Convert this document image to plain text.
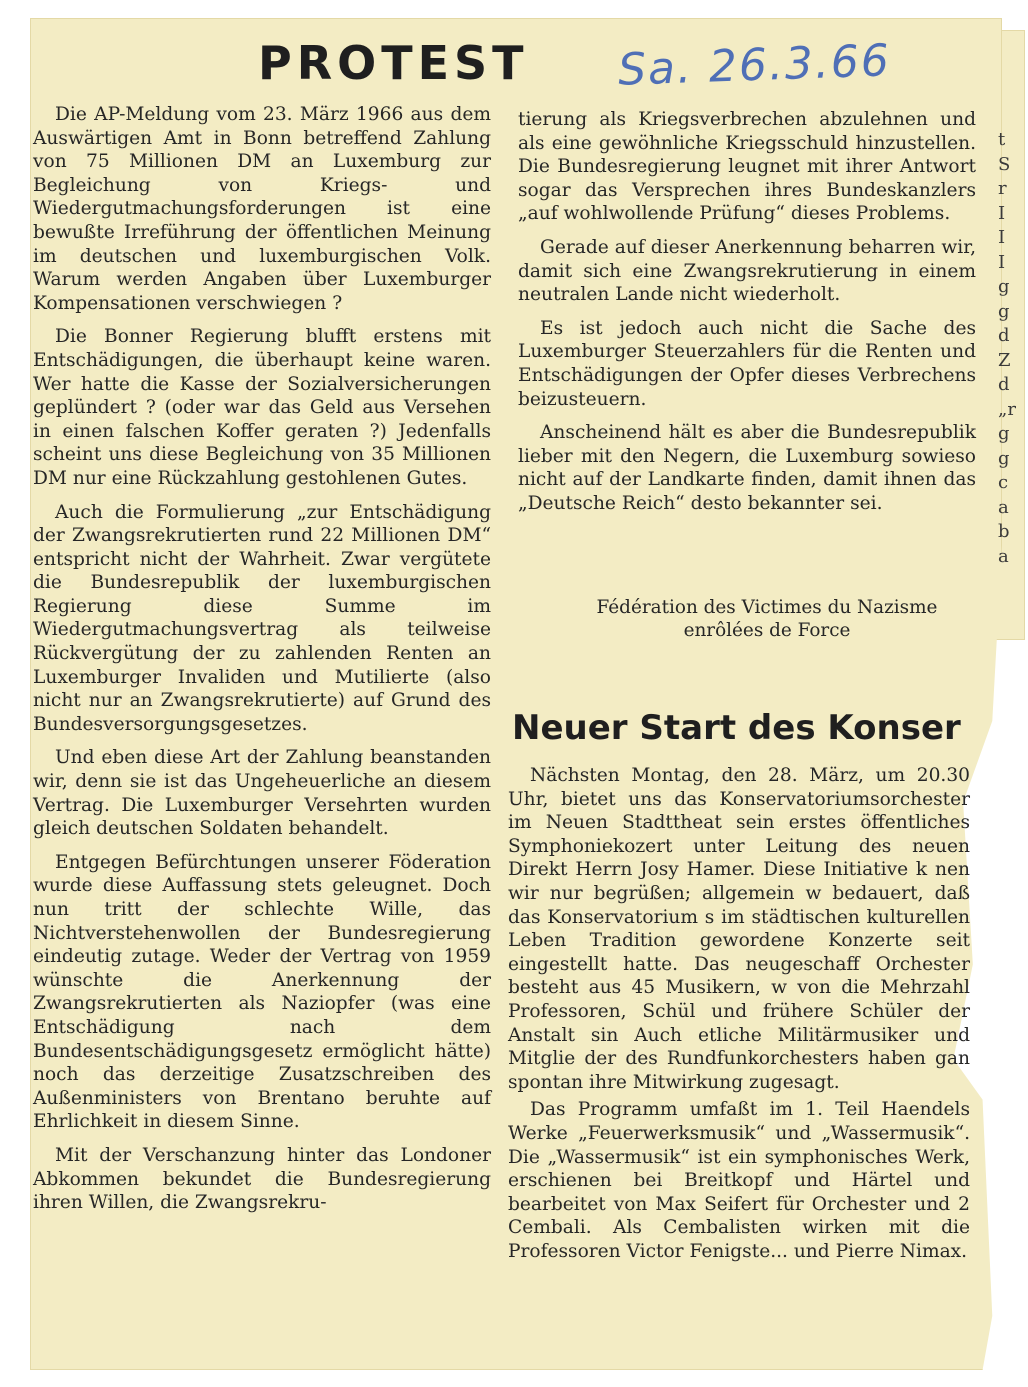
PROTEST Sa. 26.3.66

Die AP-Meldung vom 23. März 1966 aus dem Auswärtigen Amt in Bonn betreffend Zahlung von 75 Millionen DM an Luxemburg zur Begleichung von Kriegs- und Wiedergutmachungsforderungen ist eine bewußte Irreführung der öffentlichen Meinung im deutschen und luxemburgischen Volk. Warum werden Angaben über Luxemburger Kompensationen verschwiegen ?

Die Bonner Regierung blufft erstens mit Entschädigungen, die überhaupt keine waren. Wer hatte die Kasse der Sozialversicherungen geplündert ? (oder war das Geld aus Versehen in einen falschen Koffer geraten ?) Jedenfalls scheint uns diese Begleichung von 35 Millionen DM nur eine Rückzahlung gestohlenen Gutes.

Auch die Formulierung „zur Entschädigung der Zwangsrekrutierten rund 22 Millionen DM“ entspricht nicht der Wahrheit. Zwar vergütete die Bundesrepublik der luxemburgischen Regierung diese Summe im Wiedergutmachungsvertrag als teilweise Rückvergütung der zu zahlenden Renten an Luxemburger Invaliden und Mutilierte (also nicht nur an Zwangsrekrutierte) auf Grund des Bundesversorgungsgesetzes.

Und eben diese Art der Zahlung beanstanden wir, denn sie ist das Ungeheuerliche an diesem Vertrag. Die Luxemburger Versehrten wurden gleich deutschen Soldaten behandelt.

Entgegen Befürchtungen unserer Föderation wurde diese Auffassung stets geleugnet. Doch nun tritt der schlechte Wille, das Nichtverstehenwollen der Bundesregierung eindeutig zutage. Weder der Vertrag von 1959 wünschte die Anerkennung der Zwangsrekrutierten als Naziopfer (was eine Entschädigung nach dem Bundesentschädigungsgesetz ermöglicht hätte) noch das derzeitige Zusatzschreiben des Außenministers von Brentano beruhte auf Ehrlichkeit in diesem Sinne.

Mit der Verschanzung hinter das Londoner Abkommen bekundet die Bundesregierung ihren Willen, die Zwangsrekru-

tierung als Kriegsverbrechen abzulehnen und als eine gewöhnliche Kriegsschuld hinzustellen. Die Bundesregierung leugnet mit ihrer Antwort sogar das Versprechen ihres Bundeskanzlers „auf wohlwollende Prüfung“ dieses Problems.

Gerade auf dieser Anerkennung beharren wir, damit sich eine Zwangsrekrutierung in einem neutralen Lande nicht wiederholt.

Es ist jedoch auch nicht die Sache des Luxemburger Steuerzahlers für die Renten und Entschädigungen der Opfer dieses Verbrechens beizusteuern.

Anscheinend hält es aber die Bundesrepublik lieber mit den Negern, die Luxemburg sowieso nicht auf der Landkarte finden, damit ihnen das „Deutsche Reich“ desto bekannter sei.

Fédération des Victimes du Nazisme
enrôlées de Force
Neuer Start des Konser

Nächsten Montag, den 28. März, um 20.30 Uhr, bietet uns das Konservatoriumsorchester im Neuen Stadttheat sein erstes öffentliches Symphoniekozert unter Leitung des neuen Direkt Herrn Josy Hamer. Diese Initiative k nen wir nur begrüßen; allgemein w bedauert, daß das Konservatorium s im städtischen kulturellen Leben Tradition gewordene Konzerte seit eingestellt hatte. Das neugeschaff Orchester besteht aus 45 Musikern, w von die Mehrzahl Professoren, Schül und frühere Schüler der Anstalt sin Auch etliche Militärmusiker und Mitglie der des Rundfunkorchesters haben gan spontan ihre Mitwirkung zugesagt.

Das Programm umfaßt im 1. Teil Haendels Werke „Feuerwerksmusik“ und „Wassermusik“. Die „Wassermusik“ ist ein symphonisches Werk, erschienen bei Breitkopf und Härtel und bearbeitet von Max Seifert für Orchester und 2 Cembali. Als Cembalisten wirken mit die Professoren Victor Fenigste... und Pierre Nimax.

t
S
r
I
I
I
g
g
d
Z
d
„r
g
g
c
a
b
a
